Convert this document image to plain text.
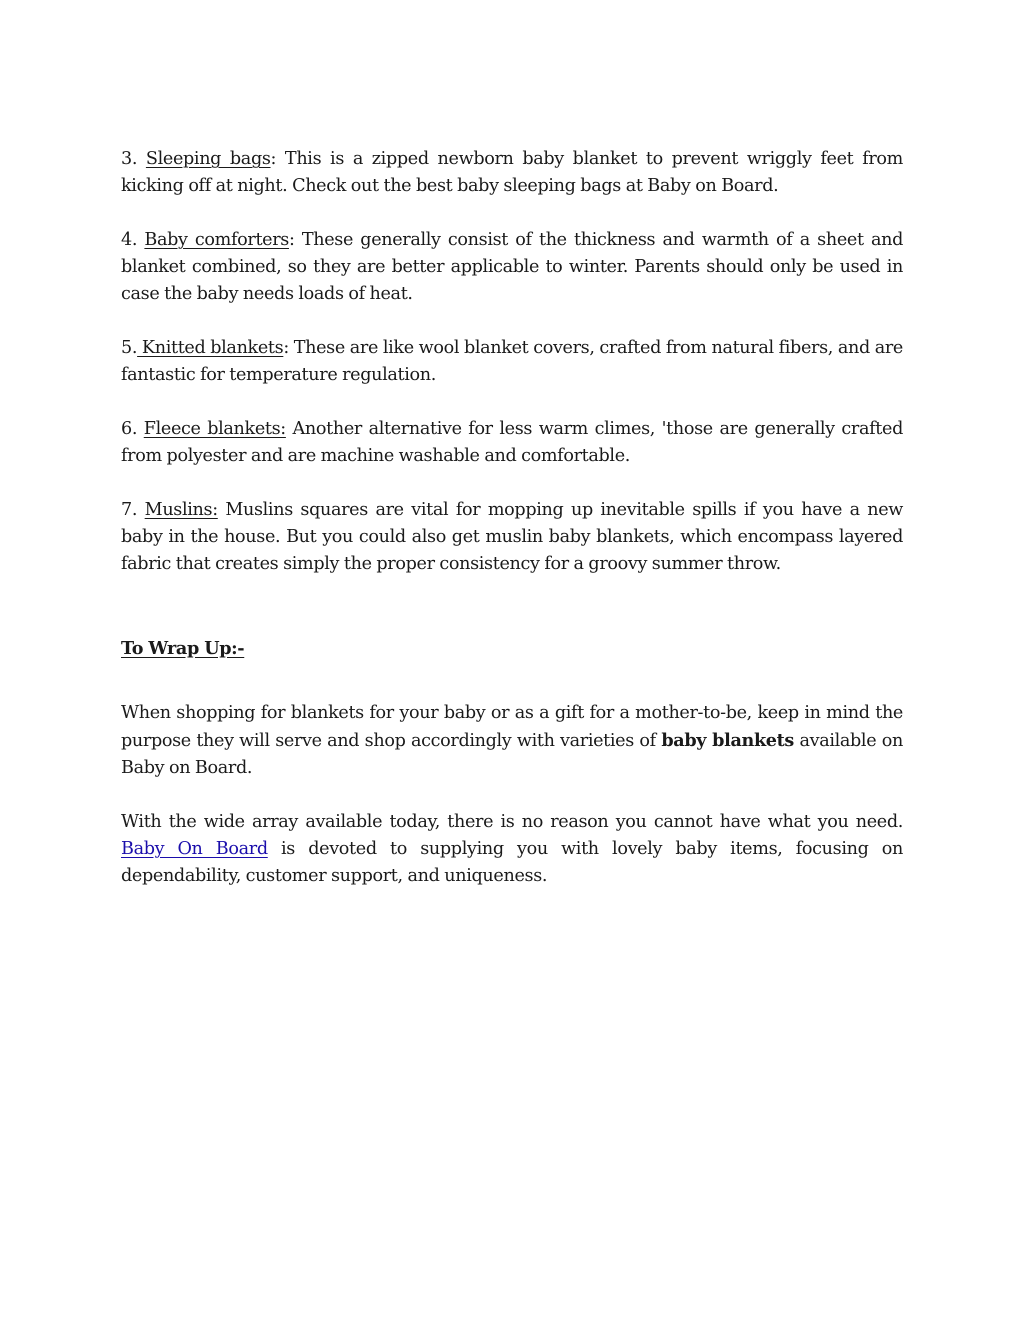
3. Sleeping bags: This is a zipped newborn baby blanket to prevent wriggly feet from kicking off at night. Check out the best baby sleeping bags at Baby on Board.

4. Baby comforters: These generally consist of the thickness and warmth of a sheet and blanket combined, so they are better applicable to winter. Parents should only be used in case the baby needs loads of heat.

5. Knitted blankets: These are like wool blanket covers, crafted from natural fibers, and are fantastic for temperature regulation.

6. Fleece blankets: Another alternative for less warm climes, 'those are generally crafted from polyester and are machine washable and comfortable.

7. Muslins: Muslins squares are vital for mopping up inevitable spills if you have a new baby in the house. But you could also get muslin baby blankets, which encompass layered fabric that creates simply the proper consistency for a groovy summer throw.

To Wrap Up:-

When shopping for blankets for your baby or as a gift for a mother-to-be, keep in mind the purpose they will serve and shop accordingly with varieties of baby blankets available on Baby on Board.

With the wide array available today, there is no reason you cannot have what you need. Baby On Board is devoted to supplying you with lovely baby items, focusing on dependability, customer support, and uniqueness.
